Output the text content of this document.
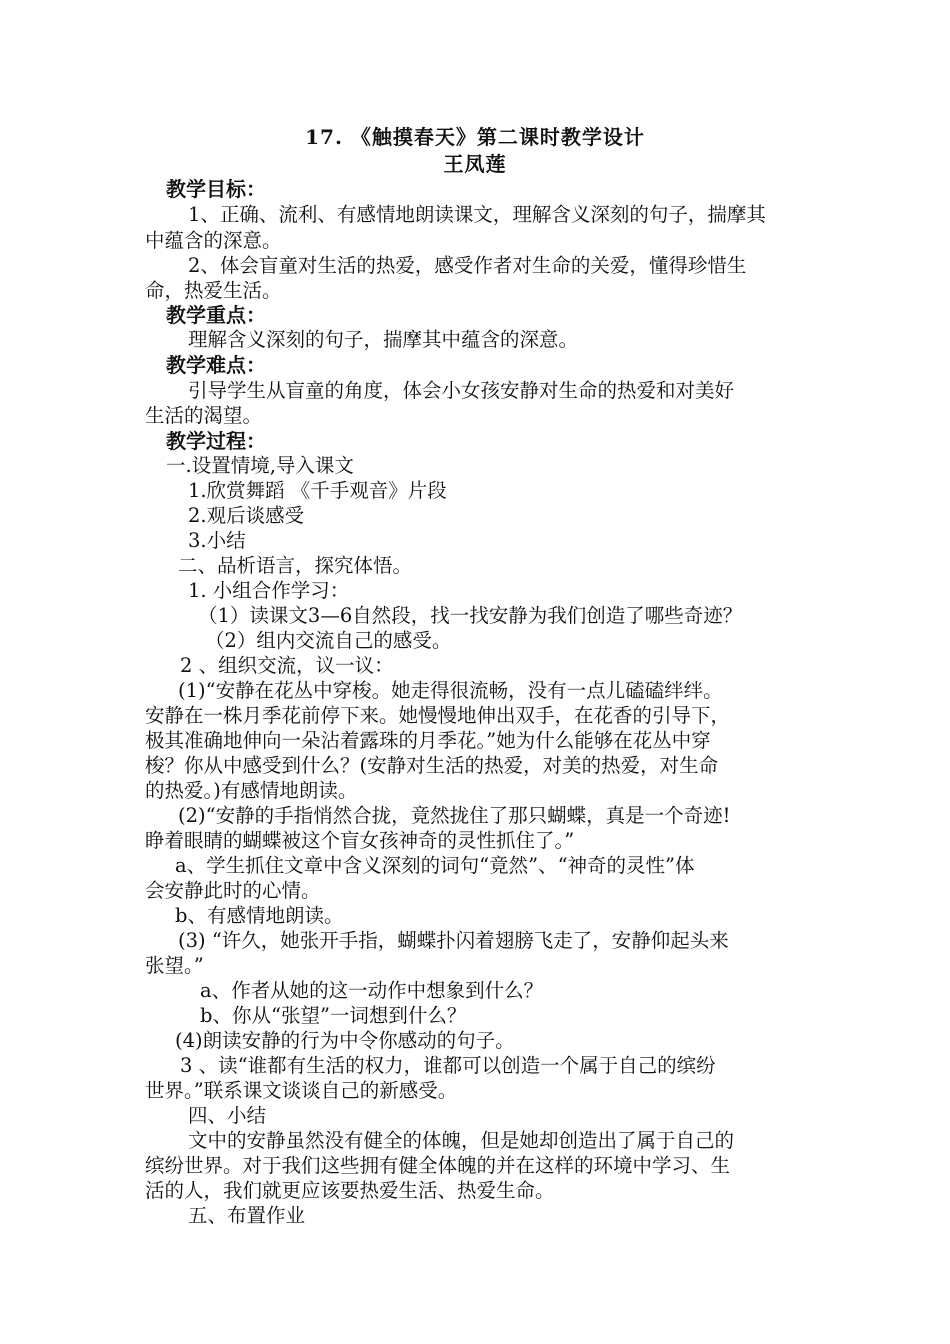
17. 《触摸春天》第二课时教学设计
王凤莲
教学目标：
1、正确、流利、有感情地朗读课文，理解含义深刻的句子，揣摩其
中蕴含的深意。
2、体会盲童对生活的热爱，感受作者对生命的关爱，懂得珍惜生
命，热爱生活。
教学重点：
理解含义深刻的句子，揣摩其中蕴含的深意。
教学难点：
引导学生从盲童的角度，体会小女孩安静对生命的热爱和对美好
生活的渴望。
教学过程：
一.设置情境,导入课文
1.欣赏舞蹈 《千手观音》片段
2.观后谈感受
3.小结
二、品析语言，探究体悟。
1. 小组合作学习：
（1）读课文3—6自然段，找一找安静为我们创造了哪些奇迹？
（2）组内交流自己的感受。
2 、组织交流，议一议：
(1)“安静在花丛中穿梭。她走得很流畅，没有一点儿磕磕绊绊。
安静在一株月季花前停下来。她慢慢地伸出双手，在花香的引导下，
极其准确地伸向一朵沾着露珠的月季花。”她为什么能够在花丛中穿
梭？你从中感受到什么？(安静对生活的热爱，对美的热爱，对生命
的热爱。)有感情地朗读。
(2)“安静的手指悄然合拢，竟然拢住了那只蝴蝶，真是一个奇迹!
睁着眼睛的蝴蝶被这个盲女孩神奇的灵性抓住了。”
a、学生抓住文章中含义深刻的词句“竟然”、“神奇的灵性”体
会安静此时的心情。
b、有感情地朗读。
(3) “许久，她张开手指，蝴蝶扑闪着翅膀飞走了，安静仰起头来
张望。”
a、作者从她的这一动作中想象到什么？
b、你从“张望”一词想到什么？
(4)朗读安静的行为中令你感动的句子。
3 、读“谁都有生活的权力，谁都可以创造一个属于自己的缤纷
世界。”联系课文谈谈自己的新感受。
四、小结
文中的安静虽然没有健全的体魄，但是她却创造出了属于自己的
缤纷世界。对于我们这些拥有健全体魄的并在这样的环境中学习、生
活的人，我们就更应该要热爱生活、热爱生命。
五、布置作业
